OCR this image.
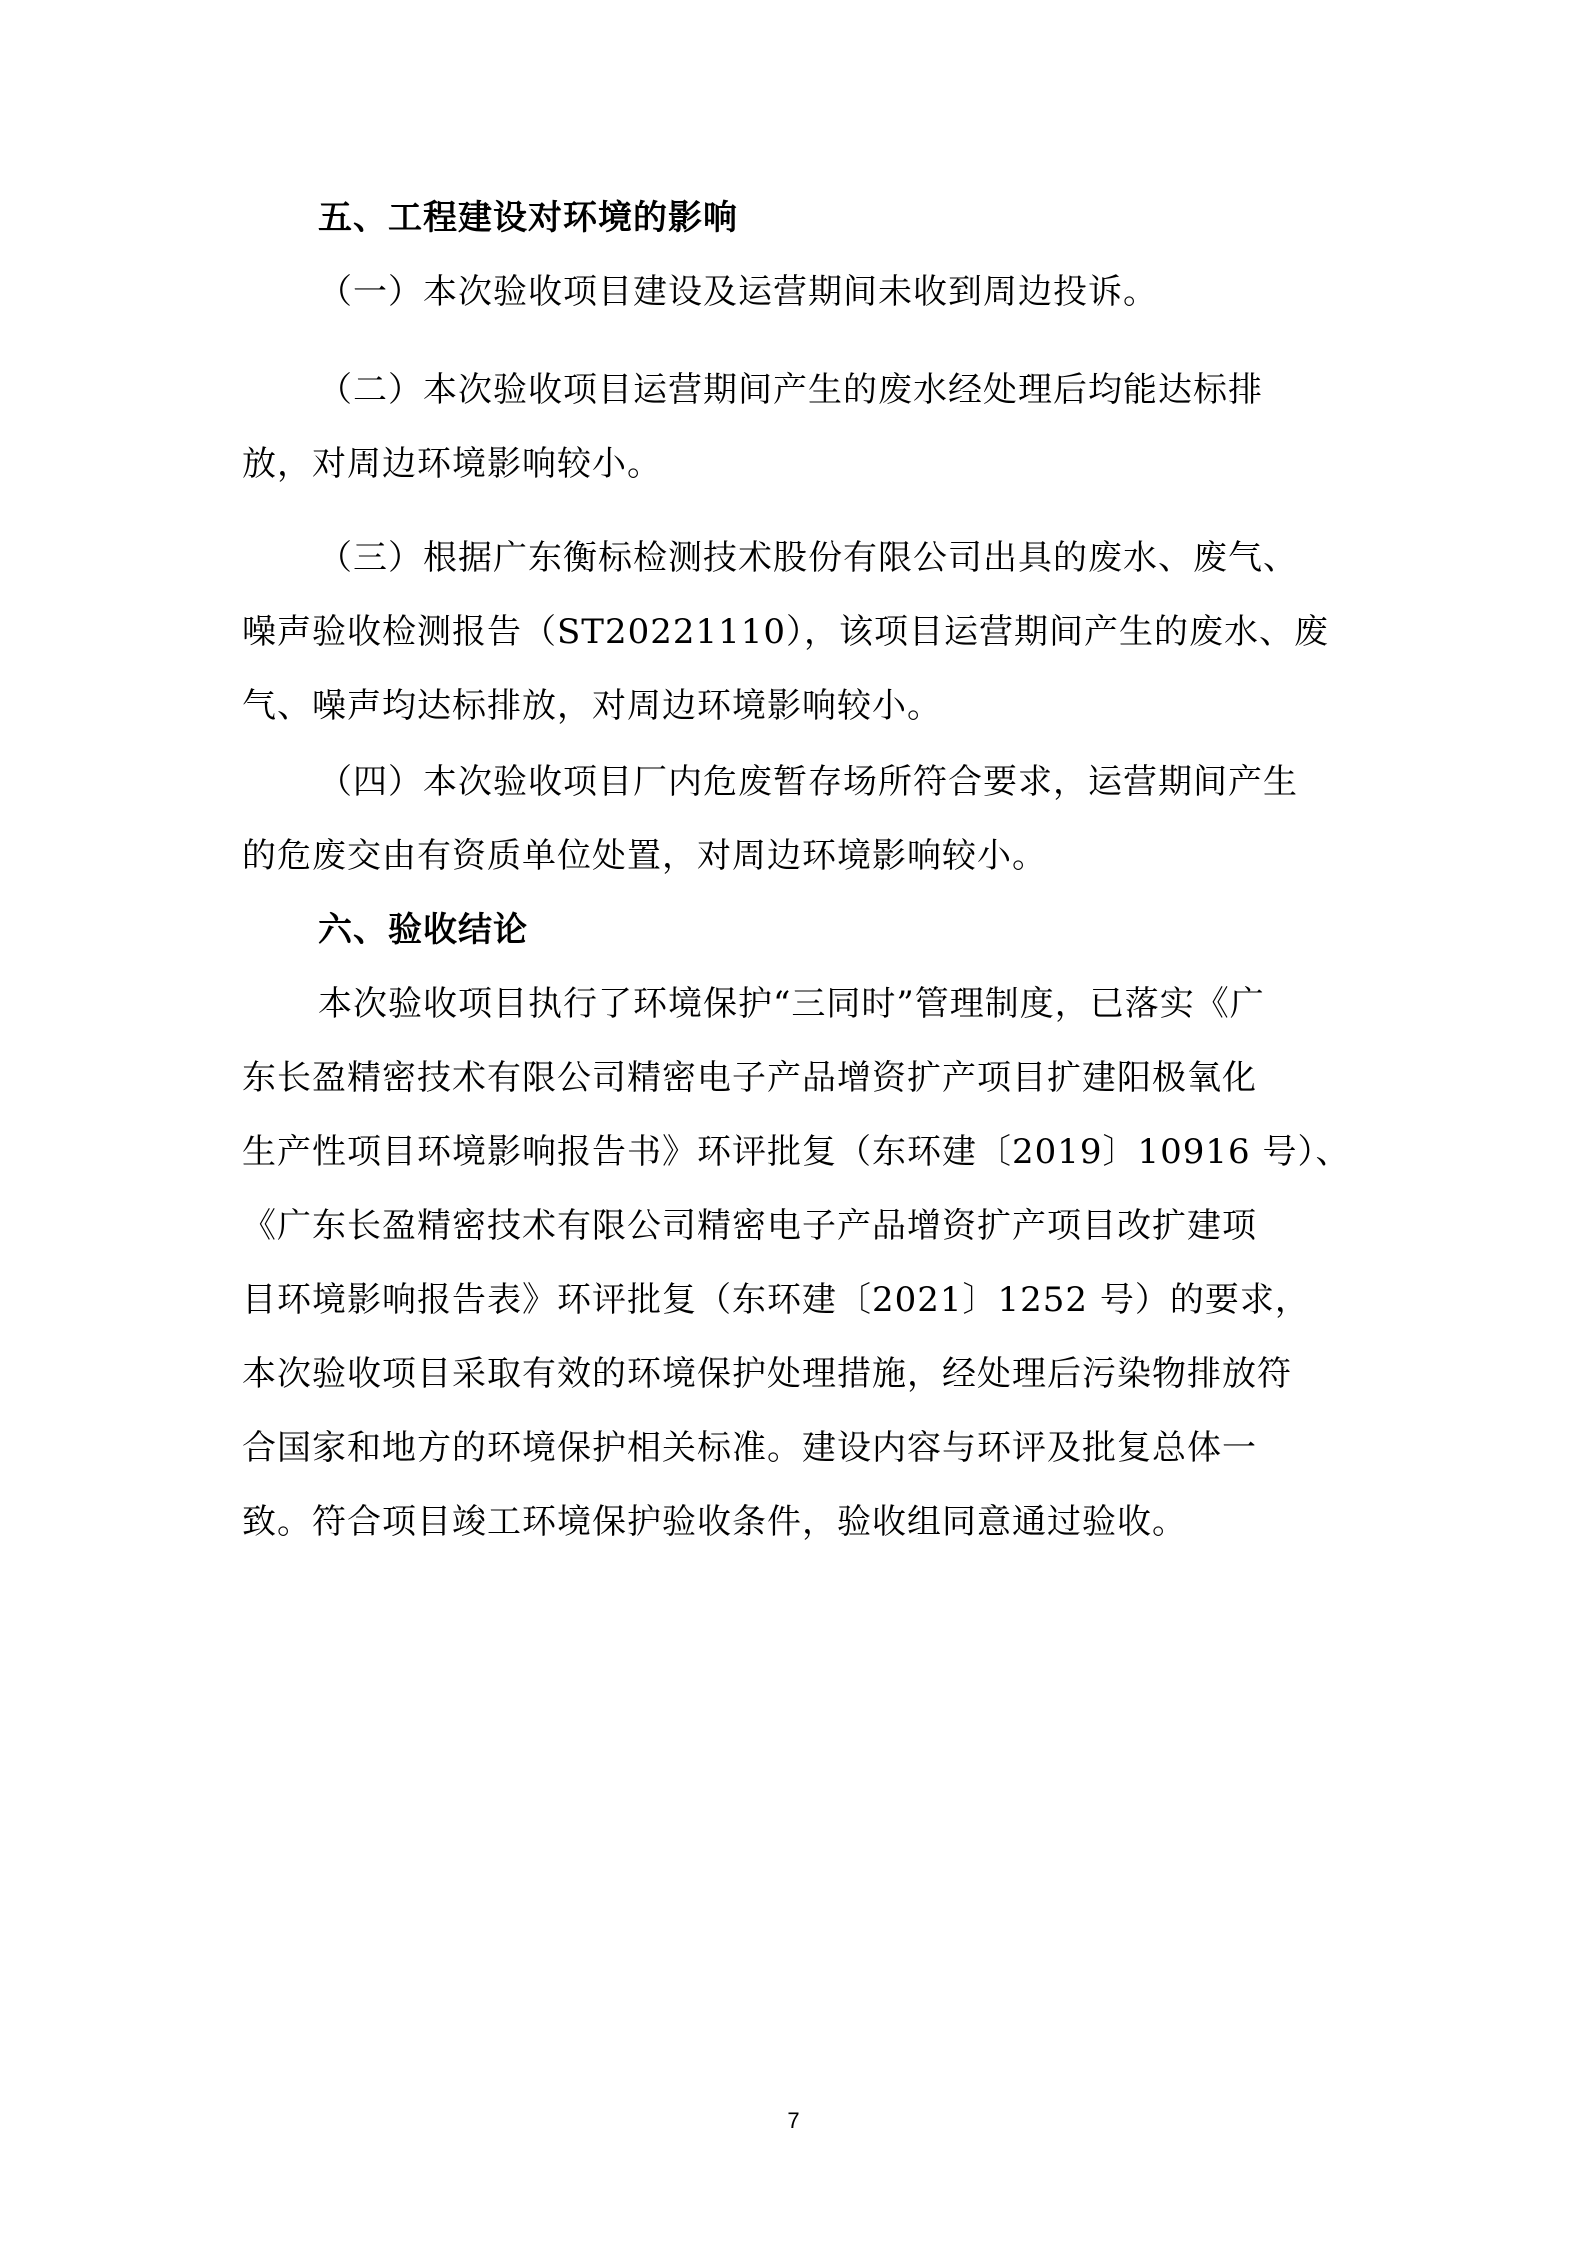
五、工程建设对环境的影响
（一）本次验收项目建设及运营期间未收到周边投诉。
（二）本次验收项目运营期间产生的废水经处理后均能达标排
放，对周边环境影响较小。
（三）根据广东衡标检测技术股份有限公司出具的废水、废气、
噪声验收检测报告（ST20221110），该项目运营期间产生的废水、废
气、噪声均达标排放，对周边环境影响较小。
（四）本次验收项目厂内危废暂存场所符合要求，运营期间产生
的危废交由有资质单位处置，对周边环境影响较小。
六、验收结论
本次验收项目执行了环境保护“三同时”管理制度，已落实《广
东长盈精密技术有限公司精密电子产品增资扩产项目扩建阳极氧化
生产性项目环境影响报告书》环评批复（东环建〔2019〕10916 号）、
《广东长盈精密技术有限公司精密电子产品增资扩产项目改扩建项
目环境影响报告表》环评批复（东环建〔2021〕1252 号）的要求，
本次验收项目采取有效的环境保护处理措施，经处理后污染物排放符
合国家和地方的环境保护相关标准。建设内容与环评及批复总体一
致。符合项目竣工环境保护验收条件，验收组同意通过验收。
7
